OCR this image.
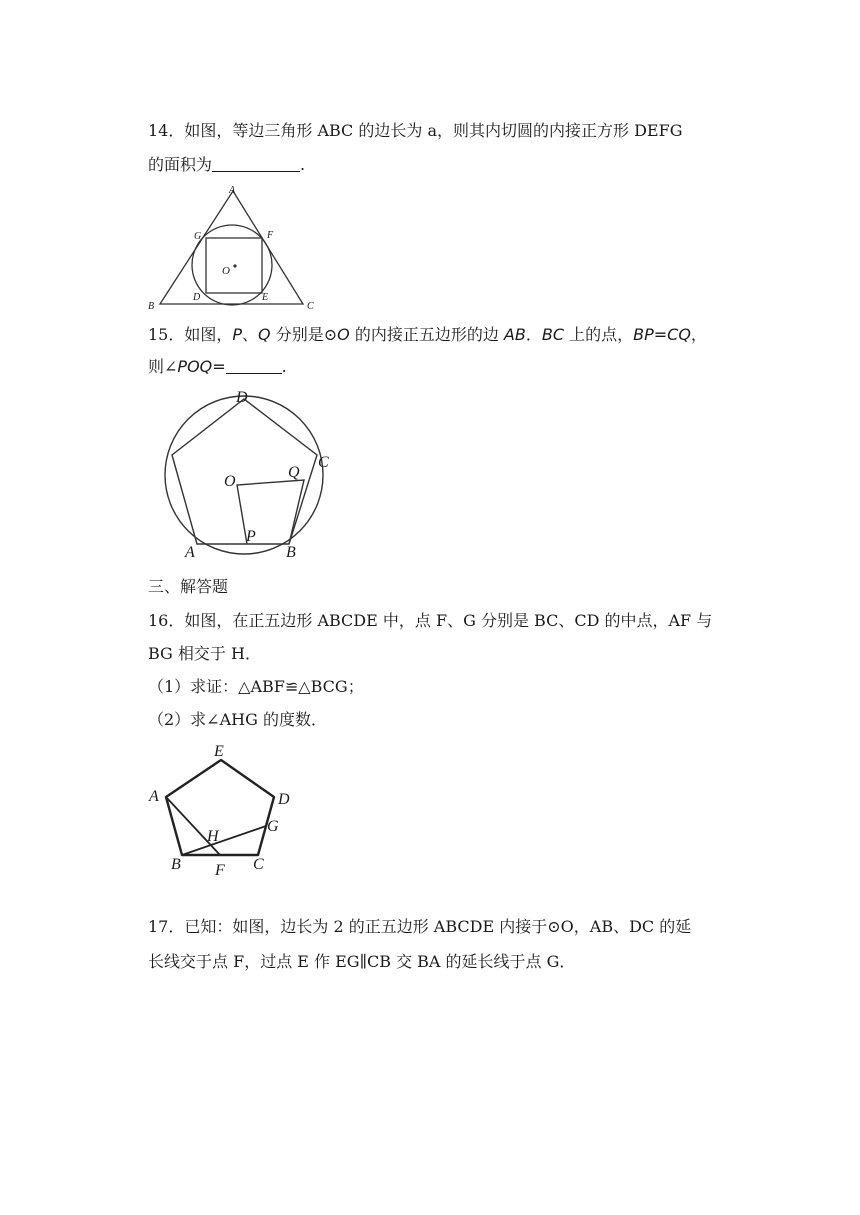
14．如图，等边三角形 ABC 的边长为 a，则其内切圆的内接正方形 DEFG
的面积为	.
A
B	C
D	E
F
G
O
15．如图，P、Q 分别是⊙O 的内接正五边形的边 AB．BC 上的点，BP=CQ，
则∠POQ=	.
D
C
Q
O
P
A	B
三、解答题
16．如图，在正五边形 ABCDE 中，点 F、G 分别是 BC、CD 的中点，AF 与
BG 相交于 H．
（1）求证：△ABF≌△BCG；
（2）求∠AHG 的度数．
E
A	D
G
H
B F C
17．已知：如图，边长为 2 的正五边形 ABCDE 内接于⊙O，AB、DC 的延
长线交于点 F，过点 E 作 EG∥CB 交 BA 的延长线于点 G．
